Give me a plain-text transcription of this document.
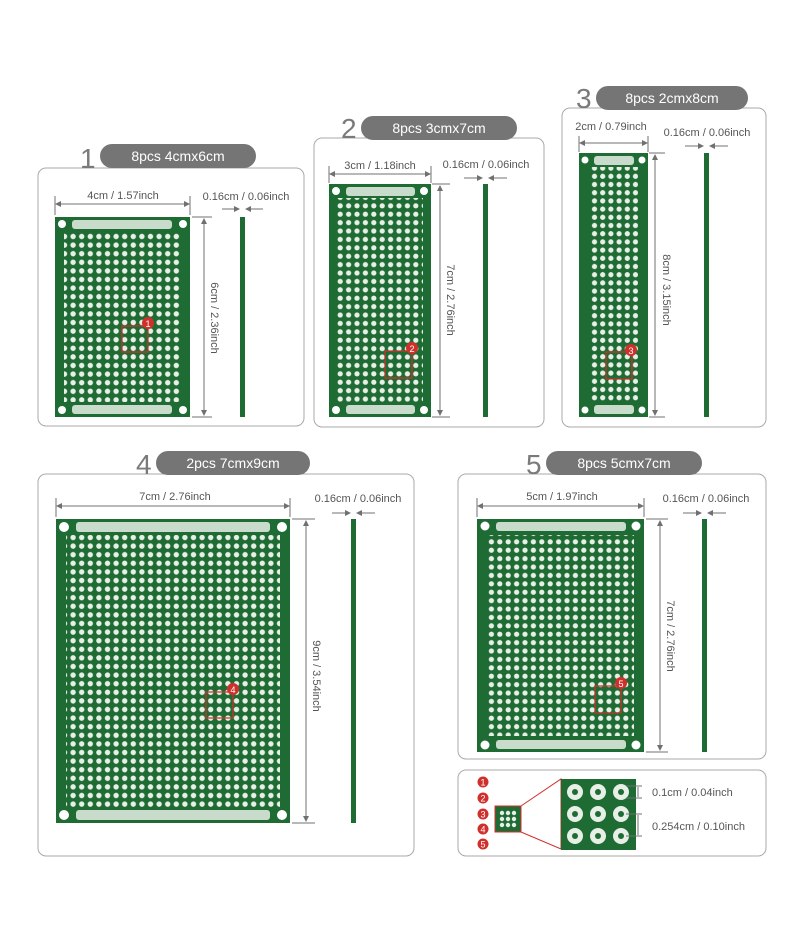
1	8pcs 4cmx6cm
1
4cm / 1.57inch
6cm / 2.36inch
0.16cm / 0.06inch
2	8pcs 3cmx7cm
2
3cm / 1.18inch
7cm / 2.76inch
0.16cm / 0.06inch
3 8pcs 2cmx8cm
3
2cm / 0.79inch
8cm / 3.15inch
0.16cm / 0.06inch
4 2pcs 7cmx9cm
4
7cm / 2.76inch
9cm / 3.54inch
0.16cm / 0.06inch
5	8pcs 5cmx7cm
5
5cm / 1.97inch
7cm / 2.76inch
0.16cm / 0.06inch
1
2
3
4
5
0.1cm / 0.04inch
0.254cm / 0.10inch
